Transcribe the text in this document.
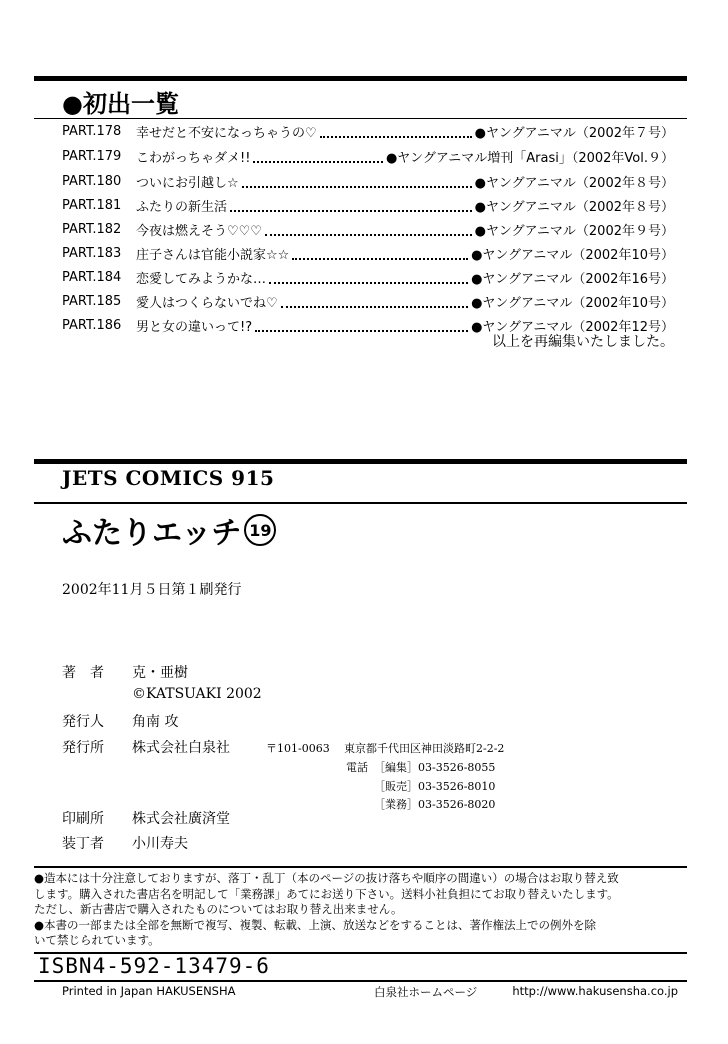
●初出一覧
PART.178	幸せだと不安になっちゃうの♡	●ヤングアニマル（2002年７号）
PART.179	こわがっちゃダメ!!	●ヤングアニマル増刊「Arasi」（2002年Vol.９）
PART.180	ついにお引越し☆	●ヤングアニマル（2002年８号）
PART.181	ふたりの新生活	●ヤングアニマル（2002年８号）
PART.182	今夜は燃えそう♡♡♡	●ヤングアニマル（2002年９号）
PART.183	庄子さんは官能小説家☆☆	●ヤングアニマル（2002年10号）
PART.184	恋愛してみようかな…	●ヤングアニマル（2002年16号）
PART.185	愛人はつくらないでね♡	●ヤングアニマル（2002年10号）
PART.186	男と女の違いって!?	●ヤングアニマル（2002年12号）
以上を再編集いたしました。
JETS COMICS 915
ふたりエッチ 19
2002年11月５日第１刷発行
著　者 克・亜樹
©KATSUAKI 2002
発行人 角南 攻
発行所 株式会社白泉社	〒101-0063 東京都千代田区神田淡路町2-2-2
電話 ［編集］03-3526-8055
［販売］03-3526-8010
［業務］03-3526-8020
印刷所 株式会社廣済堂
装丁者 小川寿夫

●造本には十分注意しておりますが、落丁・乱丁（本のページの抜け落ちや順序の間違い）の場合はお取り替え致

します。購入された書店名を明記して「業務課」あてにお送り下さい。送料小社負担にてお取り替えいたします。

ただし、新古書店で購入されたものについてはお取り替え出来ません。

●本書の一部または全部を無断で複写、複製、転載、上演、放送などをすることは、著作権法上での例外を除

いて禁じられています。

ISBN4-592-13479-6
Printed in Japan HAKUSENSHA	白泉社ホームページ	http://www.hakusensha.co.jp
